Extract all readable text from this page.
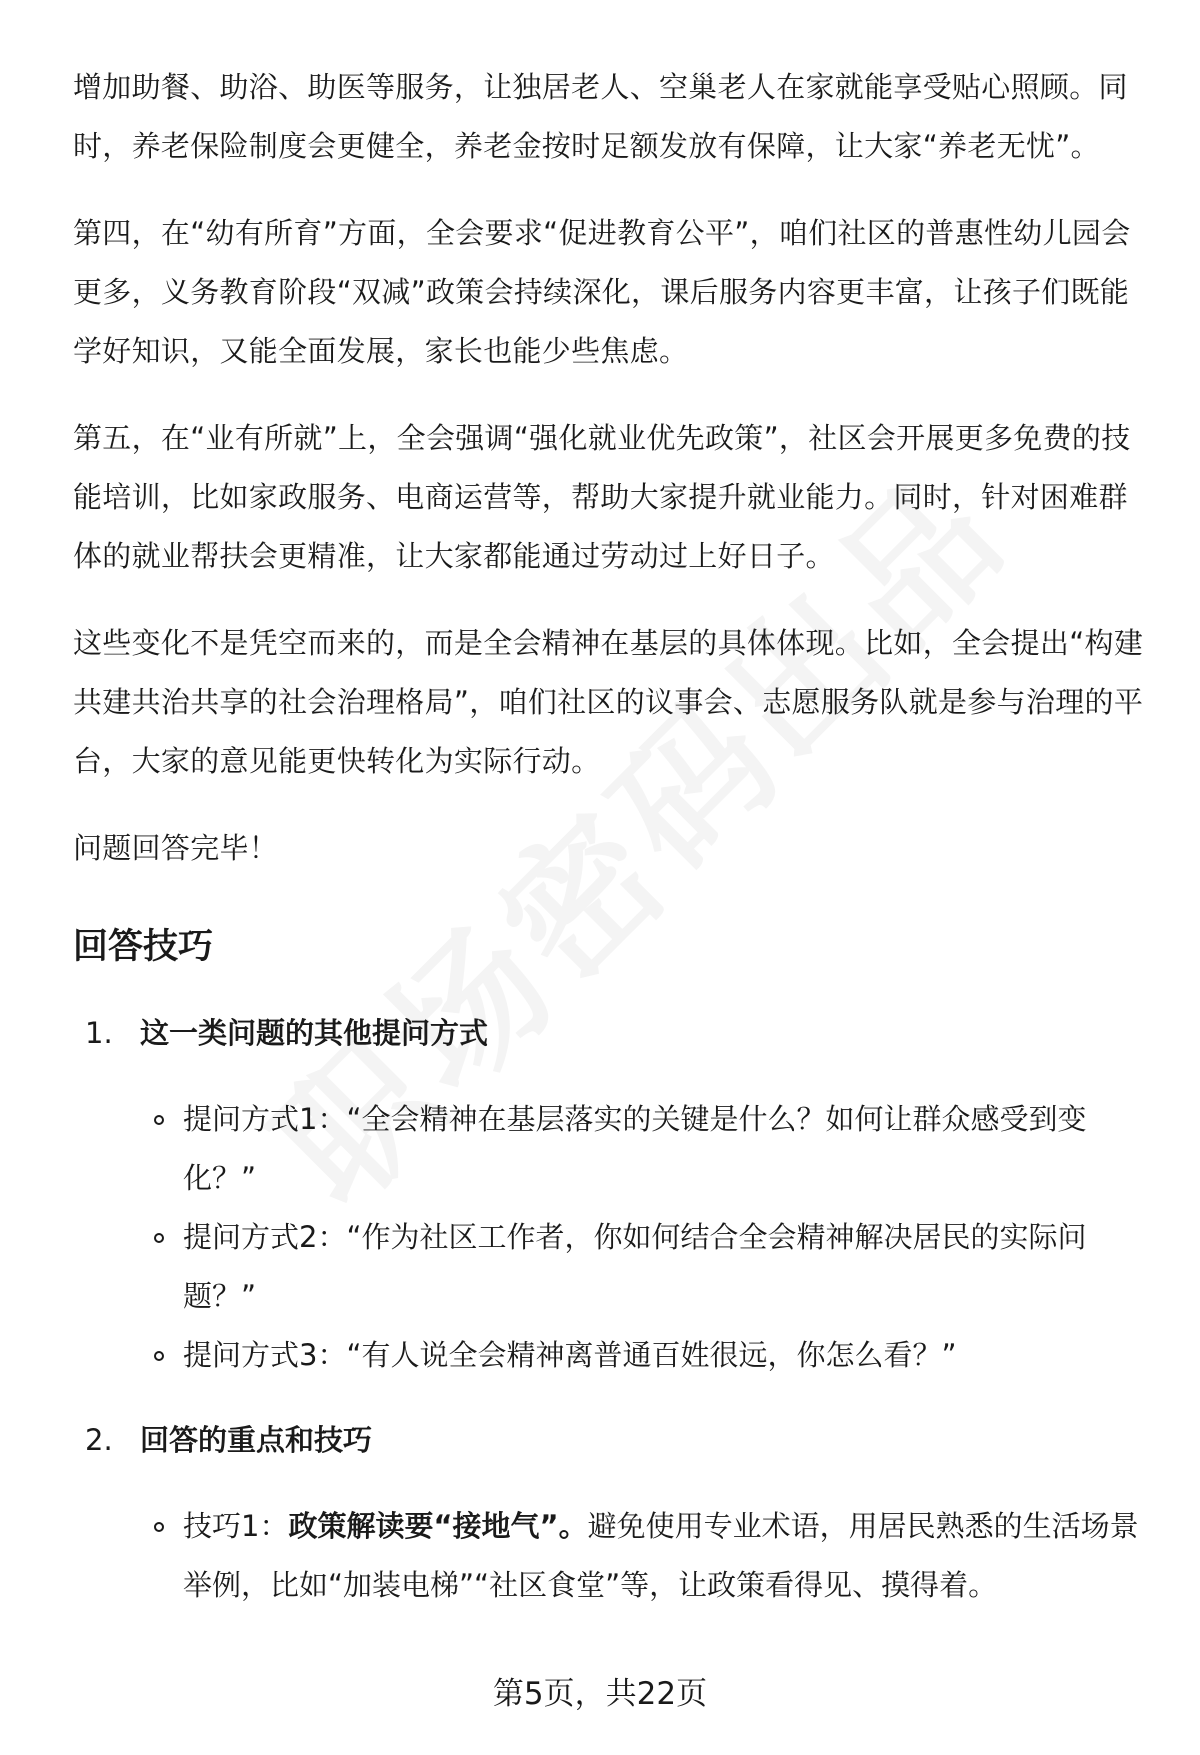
增加助餐、助浴、助医等服务，让独居老人、空巢老人在家就能享受贴心照顾。同时，养老保险制度会更健全，养老金按时足额发放有保障，让大家“养老无忧”。

第四，在“幼有所育”方面，全会要求“促进教育公平”，咱们社区的普惠性幼儿园会更多，义务教育阶段“双减”政策会持续深化，课后服务内容更丰富，让孩子们既能学好知识，又能全面发展，家长也能少些焦虑。

第五，在“业有所就”上，全会强调“强化就业优先政策”，社区会开展更多免费的技能培训，比如家政服务、电商运营等，帮助大家提升就业能力。同时，针对困难群体的就业帮扶会更精准，让大家都能通过劳动过上好日子。

这些变化不是凭空而来的，而是全会精神在基层的具体体现。比如，全会提出“构建共建共治共享的社会治理格局”，咱们社区的议事会、志愿服务队就是参与治理的平台，大家的意见能更快转化为实际行动。

问题回答完毕！

回答技巧
1. 这一类问题的其他提问方式
提问方式1：“全会精神在基层落实的关键是什么？如何让群众感受到变化？”
提问方式2：“作为社区工作者，你如何结合全会精神解决居民的实际问题？”
提问方式3：“有人说全会精神离普通百姓很远，你怎么看？”
2. 回答的重点和技巧
技巧1：政策解读要“接地气”。避免使用专业术语，用居民熟悉的生活场景举例，比如“加装电梯”“社区食堂”等，让政策看得见、摸得着。
第5页，共22页
